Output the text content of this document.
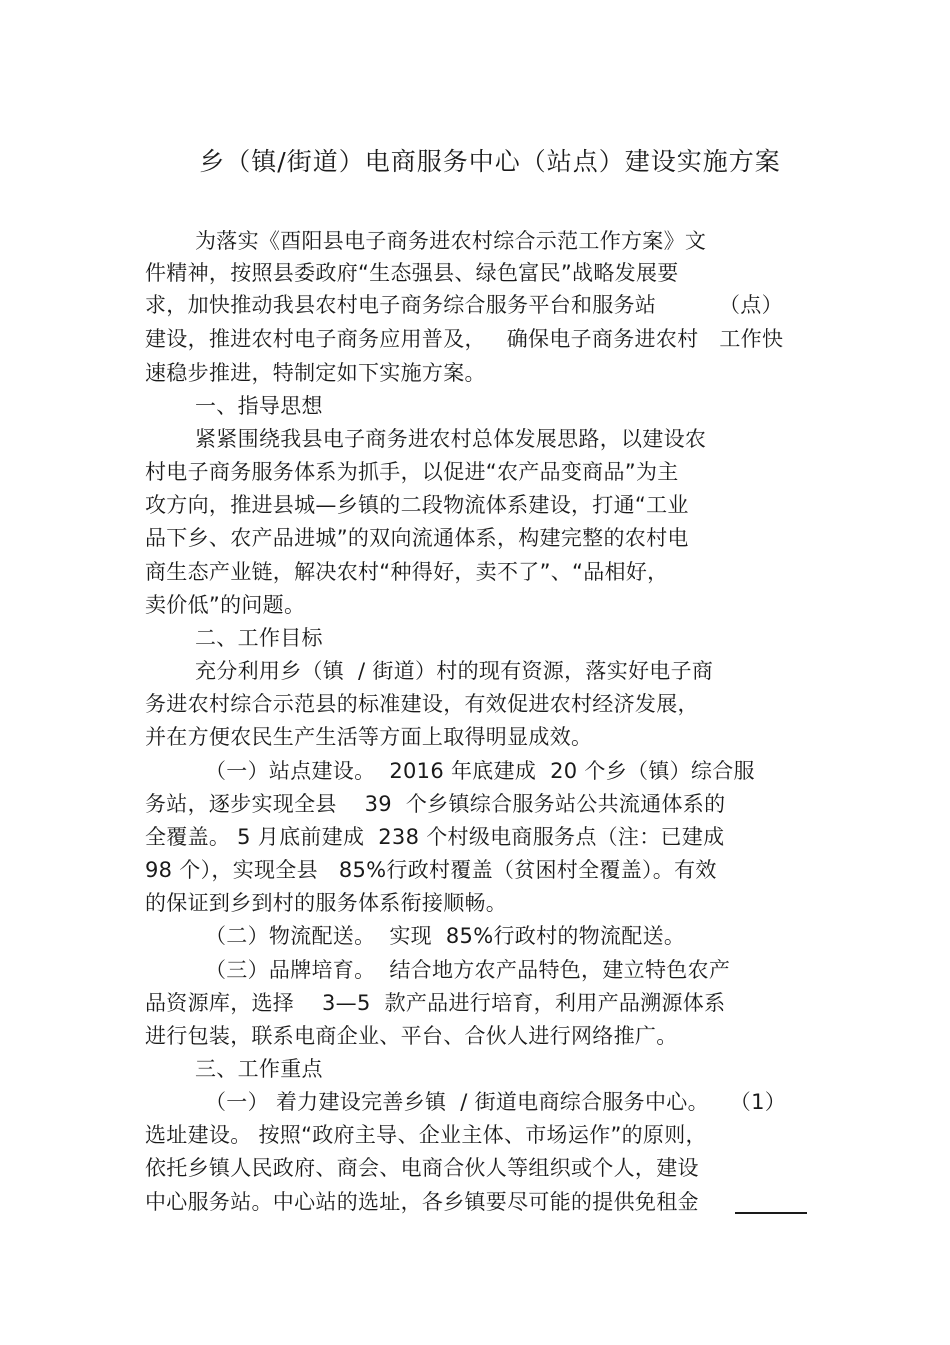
乡（镇/街道）电商服务中心（站点）建设实施方案
为落实《酉阳县电子商务进农村综合示范工作方案》文
件精神，按照县委政府“生态强县、绿色富民”战略发展要
求，加快推动我县农村电子商务综合服务平台和服务站         （点）
建设，推进农村电子商务应用普及，   确保电子商务进农村   工作快
速稳步推进，特制定如下实施方案。
一、指导思想
紧紧围绕我县电子商务进农村总体发展思路，以建设农
村电子商务服务体系为抓手，以促进“农产品变商品”为主
攻方向，推进县城—乡镇的二段物流体系建设，打通“工业
品下乡、农产品进城”的双向流通体系，构建完整的农村电
商生态产业链，解决农村“种得好，卖不了”、“品相好，
卖价低”的问题。
二、工作目标
充分利用乡（镇  / 街道）村的现有资源，落实好电子商
务进农村综合示范县的标准建设，有效促进农村经济发展，
并在方便农民生产生活等方面上取得明显成效。
（一）站点建设。  2016 年底建成  20 个乡（镇）综合服
务站，逐步实现全县    39  个乡镇综合服务站公共流通体系的
全覆盖。 5 月底前建成  238 个村级电商服务点（注：已建成
98 个），实现全县   85%行政村覆盖（贫困村全覆盖）。有效
的保证到乡到村的服务体系衔接顺畅。
（二）物流配送。  实现  85%行政村的物流配送。
（三）品牌培育。  结合地方农产品特色，建立特色农产
品资源库，选择    3—5  款产品进行培育，利用产品溯源体系
进行包装，联系电商企业、平台、合伙人进行网络推广。
三、工作重点
（一） 着力建设完善乡镇  / 街道电商综合服务中心。   （1）
选址建设。 按照“政府主导、企业主体、市场运作”的原则，
依托乡镇人民政府、商会、电商合伙人等组织或个人，建设
中心服务站。中心站的选址，各乡镇要尽可能的提供免租金
